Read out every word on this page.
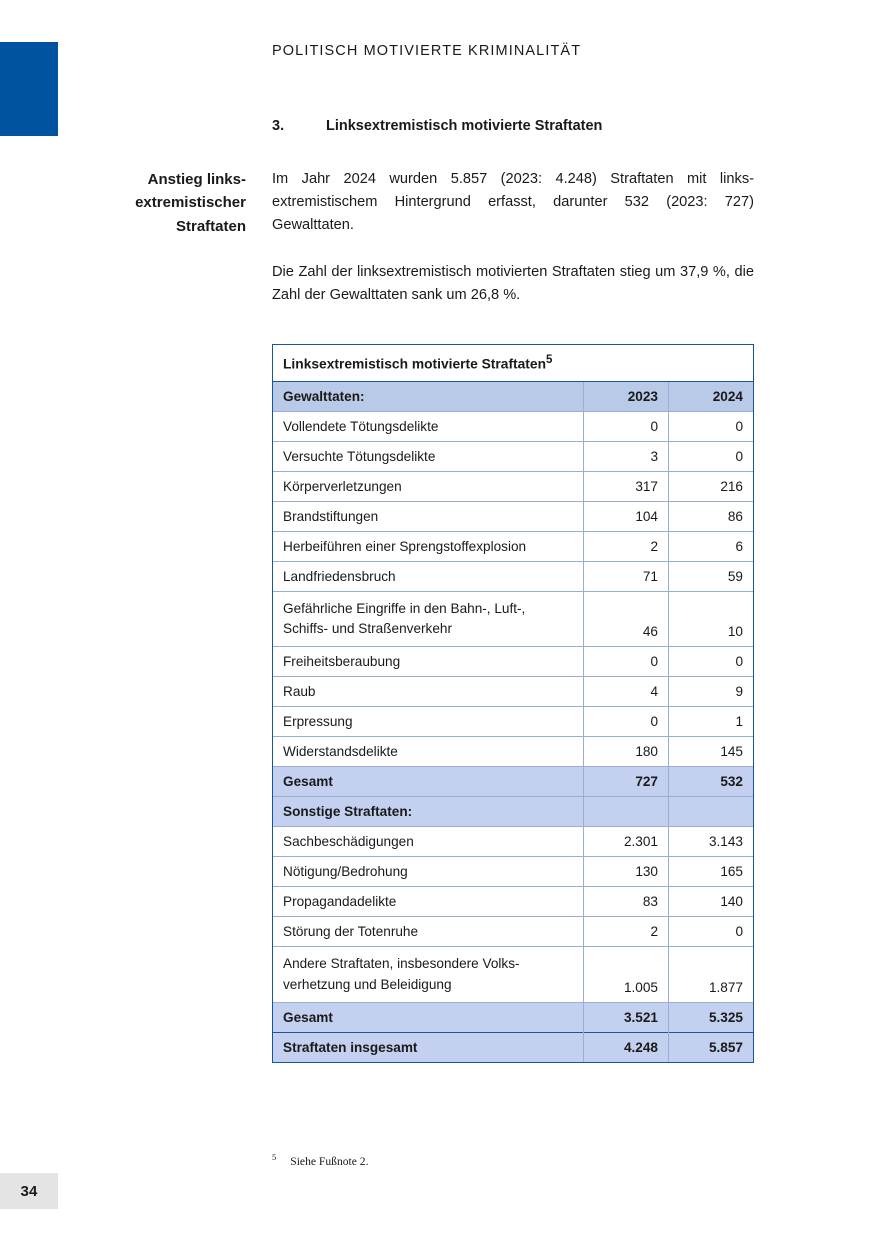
POLITISCH MOTIVIERTE KRIMINALITÄT
3.	Linksextremistisch motivierte Straftaten
Anstieg links-
extremistischer
Straftaten

Im Jahr 2024 wurden 5.857 (2023: 4.248) Straftaten mit linksextremistischem Hintergrund erfasst, darunter 532 (2023: 727) Gewalttaten.

Die Zahl der linksextremistisch motivierten Straftaten stieg um 37,9 %, die Zahl der Gewalttaten sank um 26,8 %.

Linksextremistisch motivierte Straftaten$^5$
Gewalttaten:	2023	2024
Vollendete Tötungsdelikte	0	0
Versuchte Tötungsdelikte	3	0
Körperverletzungen	317	216
Brandstiftungen	104	86
Herbeiführen einer Sprengstoffexplosion	2	6
Landfriedensbruch	71	59
Gefährliche Eingriffe in den Bahn-, Luft-, Schiffs- und Straßenverkehr	46	10
Freiheitsberaubung	0	0
Raub	4	9
Erpressung	0	1
Widerstandsdelikte	180	145
Gesamt	727	532
Sonstige Straftaten:		
Sachbeschädigungen	2.301	3.143
Nötigung/Bedrohung	130	165
Propagandadelikte	83	140
Störung der Totenruhe	2	0
Andere Straftaten, insbesondere Volks-
verhetzung und Beleidigung	1.005	1.877
Gesamt	3.521	5.325
Straftaten insgesamt	4.248	5.857
$^5$ Siehe Fußnote 2.
34
